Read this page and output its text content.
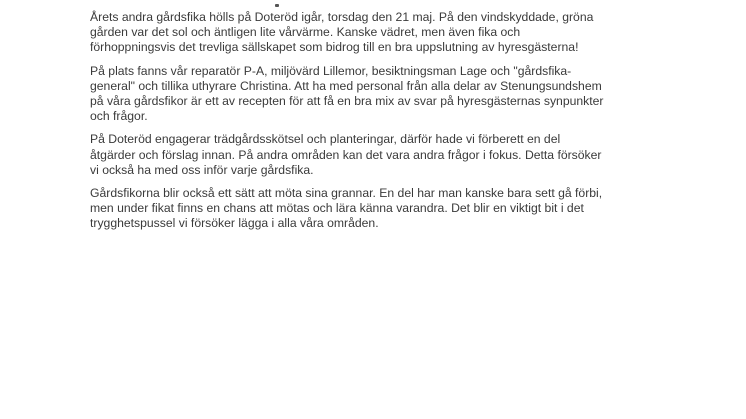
Årets andra gårdsfika hölls på Doteröd igår, torsdag den 21 maj. På den vindskyddade, gröna
gården var det sol och äntligen lite vårvärme. Kanske vädret, men även fika och
förhoppningsvis det trevliga sällskapet som bidrog till en bra uppslutning av hyresgästerna!

På plats fanns vår reparatör P-A, miljövärd Lillemor, besiktningsman Lage och "gårdsfika-
general" och tillika uthyrare Christina. Att ha med personal från alla delar av Stenungsundshem
på våra gårdsfikor är ett av recepten för att få en bra mix av svar på hyresgästernas synpunkter
och frågor.

På Doteröd engagerar trädgårdsskötsel och planteringar, därför hade vi förberett en del
åtgärder och förslag innan. På andra områden kan det vara andra frågor i fokus. Detta försöker
vi också ha med oss inför varje gårdsfika.

Gårdsfikorna blir också ett sätt att möta sina grannar. En del har man kanske bara sett gå förbi,
men under fikat finns en chans att mötas och lära känna varandra. Det blir en viktigt bit i det
trygghetspussel vi försöker lägga i alla våra områden.
